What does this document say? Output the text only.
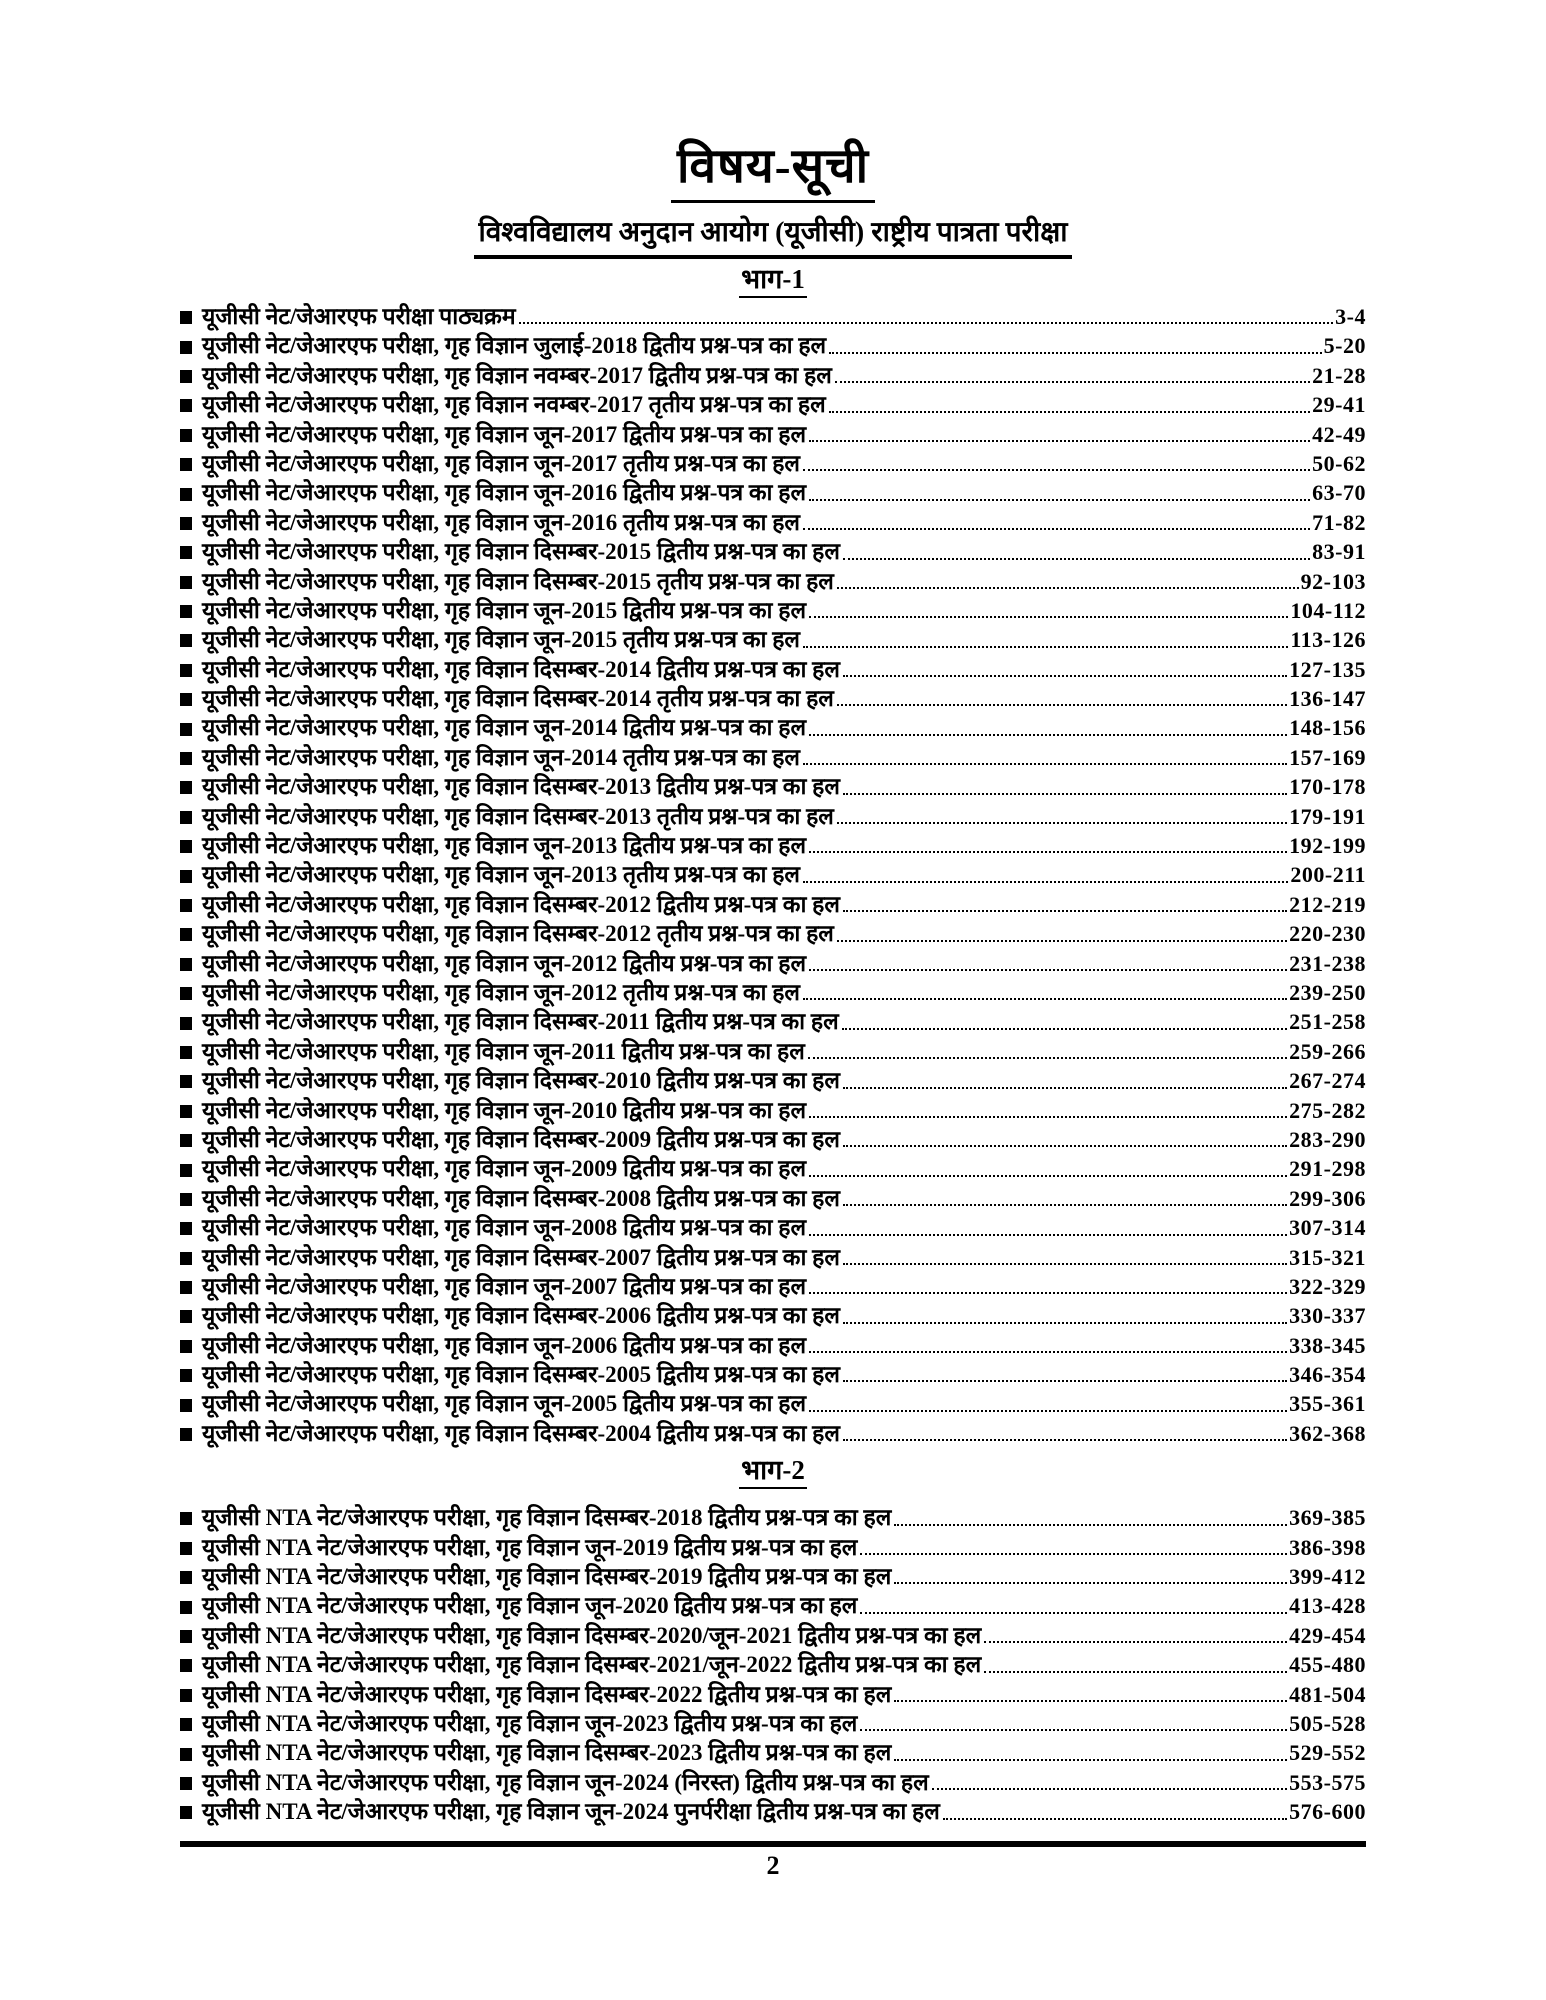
विषय-सूची
विश्वविद्यालय अनुदान आयोग (यूजीसी) राष्ट्रीय पात्रता परीक्षा
भाग-1
यूजीसी नेट/जेआरएफ परीक्षा पाठ्यक्रम	3-4
यूजीसी नेट/जेआरएफ परीक्षा, गृह विज्ञान जुलाई-2018 द्वितीय प्रश्न-पत्र का हल	5-20
यूजीसी नेट/जेआरएफ परीक्षा, गृह विज्ञान नवम्बर-2017 द्वितीय प्रश्न-पत्र का हल	21-28
यूजीसी नेट/जेआरएफ परीक्षा, गृह विज्ञान नवम्बर-2017 तृतीय प्रश्न-पत्र का हल	29-41
यूजीसी नेट/जेआरएफ परीक्षा, गृह विज्ञान जून-2017 द्वितीय प्रश्न-पत्र का हल	42-49
यूजीसी नेट/जेआरएफ परीक्षा, गृह विज्ञान जून-2017 तृतीय प्रश्न-पत्र का हल	50-62
यूजीसी नेट/जेआरएफ परीक्षा, गृह विज्ञान जून-2016 द्वितीय प्रश्न-पत्र का हल	63-70
यूजीसी नेट/जेआरएफ परीक्षा, गृह विज्ञान जून-2016 तृतीय प्रश्न-पत्र का हल	71-82
यूजीसी नेट/जेआरएफ परीक्षा, गृह विज्ञान दिसम्बर-2015 द्वितीय प्रश्न-पत्र का हल	83-91
यूजीसी नेट/जेआरएफ परीक्षा, गृह विज्ञान दिसम्बर-2015 तृतीय प्रश्न-पत्र का हल	92-103
यूजीसी नेट/जेआरएफ परीक्षा, गृह विज्ञान जून-2015 द्वितीय प्रश्न-पत्र का हल	104-112
यूजीसी नेट/जेआरएफ परीक्षा, गृह विज्ञान जून-2015 तृतीय प्रश्न-पत्र का हल	113-126
यूजीसी नेट/जेआरएफ परीक्षा, गृह विज्ञान दिसम्बर-2014 द्वितीय प्रश्न-पत्र का हल	127-135
यूजीसी नेट/जेआरएफ परीक्षा, गृह विज्ञान दिसम्बर-2014 तृतीय प्रश्न-पत्र का हल	136-147
यूजीसी नेट/जेआरएफ परीक्षा, गृह विज्ञान जून-2014 द्वितीय प्रश्न-पत्र का हल	148-156
यूजीसी नेट/जेआरएफ परीक्षा, गृह विज्ञान जून-2014 तृतीय प्रश्न-पत्र का हल	157-169
यूजीसी नेट/जेआरएफ परीक्षा, गृह विज्ञान दिसम्बर-2013 द्वितीय प्रश्न-पत्र का हल	170-178
यूजीसी नेट/जेआरएफ परीक्षा, गृह विज्ञान दिसम्बर-2013 तृतीय प्रश्न-पत्र का हल	179-191
यूजीसी नेट/जेआरएफ परीक्षा, गृह विज्ञान जून-2013 द्वितीय प्रश्न-पत्र का हल	192-199
यूजीसी नेट/जेआरएफ परीक्षा, गृह विज्ञान जून-2013 तृतीय प्रश्न-पत्र का हल	200-211
यूजीसी नेट/जेआरएफ परीक्षा, गृह विज्ञान दिसम्बर-2012 द्वितीय प्रश्न-पत्र का हल	212-219
यूजीसी नेट/जेआरएफ परीक्षा, गृह विज्ञान दिसम्बर-2012 तृतीय प्रश्न-पत्र का हल	220-230
यूजीसी नेट/जेआरएफ परीक्षा, गृह विज्ञान जून-2012 द्वितीय प्रश्न-पत्र का हल	231-238
यूजीसी नेट/जेआरएफ परीक्षा, गृह विज्ञान जून-2012 तृतीय प्रश्न-पत्र का हल	239-250
यूजीसी नेट/जेआरएफ परीक्षा, गृह विज्ञान दिसम्बर-2011 द्वितीय प्रश्न-पत्र का हल	251-258
यूजीसी नेट/जेआरएफ परीक्षा, गृह विज्ञान जून-2011 द्वितीय प्रश्न-पत्र का हल	259-266
यूजीसी नेट/जेआरएफ परीक्षा, गृह विज्ञान दिसम्बर-2010 द्वितीय प्रश्न-पत्र का हल	267-274
यूजीसी नेट/जेआरएफ परीक्षा, गृह विज्ञान जून-2010 द्वितीय प्रश्न-पत्र का हल	275-282
यूजीसी नेट/जेआरएफ परीक्षा, गृह विज्ञान दिसम्बर-2009 द्वितीय प्रश्न-पत्र का हल	283-290
यूजीसी नेट/जेआरएफ परीक्षा, गृह विज्ञान जून-2009 द्वितीय प्रश्न-पत्र का हल	291-298
यूजीसी नेट/जेआरएफ परीक्षा, गृह विज्ञान दिसम्बर-2008 द्वितीय प्रश्न-पत्र का हल	299-306
यूजीसी नेट/जेआरएफ परीक्षा, गृह विज्ञान जून-2008 द्वितीय प्रश्न-पत्र का हल	307-314
यूजीसी नेट/जेआरएफ परीक्षा, गृह विज्ञान दिसम्बर-2007 द्वितीय प्रश्न-पत्र का हल	315-321
यूजीसी नेट/जेआरएफ परीक्षा, गृह विज्ञान जून-2007 द्वितीय प्रश्न-पत्र का हल	322-329
यूजीसी नेट/जेआरएफ परीक्षा, गृह विज्ञान दिसम्बर-2006 द्वितीय प्रश्न-पत्र का हल	330-337
यूजीसी नेट/जेआरएफ परीक्षा, गृह विज्ञान जून-2006 द्वितीय प्रश्न-पत्र का हल	338-345
यूजीसी नेट/जेआरएफ परीक्षा, गृह विज्ञान दिसम्बर-2005 द्वितीय प्रश्न-पत्र का हल	346-354
यूजीसी नेट/जेआरएफ परीक्षा, गृह विज्ञान जून-2005 द्वितीय प्रश्न-पत्र का हल	355-361
यूजीसी नेट/जेआरएफ परीक्षा, गृह विज्ञान दिसम्बर-2004 द्वितीय प्रश्न-पत्र का हल	362-368
भाग-2
यूजीसी NTA नेट/जेआरएफ परीक्षा, गृह विज्ञान दिसम्बर-2018 द्वितीय प्रश्न-पत्र का हल	369-385
यूजीसी NTA नेट/जेआरएफ परीक्षा, गृह विज्ञान जून-2019 द्वितीय प्रश्न-पत्र का हल	386-398
यूजीसी NTA नेट/जेआरएफ परीक्षा, गृह विज्ञान दिसम्बर-2019 द्वितीय प्रश्न-पत्र का हल	399-412
यूजीसी NTA नेट/जेआरएफ परीक्षा, गृह विज्ञान जून-2020 द्वितीय प्रश्न-पत्र का हल	413-428
यूजीसी NTA नेट/जेआरएफ परीक्षा, गृह विज्ञान दिसम्बर-2020/जून-2021 द्वितीय प्रश्न-पत्र का हल	429-454
यूजीसी NTA नेट/जेआरएफ परीक्षा, गृह विज्ञान दिसम्बर-2021/जून-2022 द्वितीय प्रश्न-पत्र का हल	455-480
यूजीसी NTA नेट/जेआरएफ परीक्षा, गृह विज्ञान दिसम्बर-2022 द्वितीय प्रश्न-पत्र का हल	481-504
यूजीसी NTA नेट/जेआरएफ परीक्षा, गृह विज्ञान जून-2023 द्वितीय प्रश्न-पत्र का हल	505-528
यूजीसी NTA नेट/जेआरएफ परीक्षा, गृह विज्ञान दिसम्बर-2023 द्वितीय प्रश्न-पत्र का हल	529-552
यूजीसी NTA नेट/जेआरएफ परीक्षा, गृह विज्ञान जून-2024 (निरस्त) द्वितीय प्रश्न-पत्र का हल	553-575
यूजीसी NTA नेट/जेआरएफ परीक्षा, गृह विज्ञान जून-2024 पुनर्परीक्षा द्वितीय प्रश्न-पत्र का हल	576-600
2
